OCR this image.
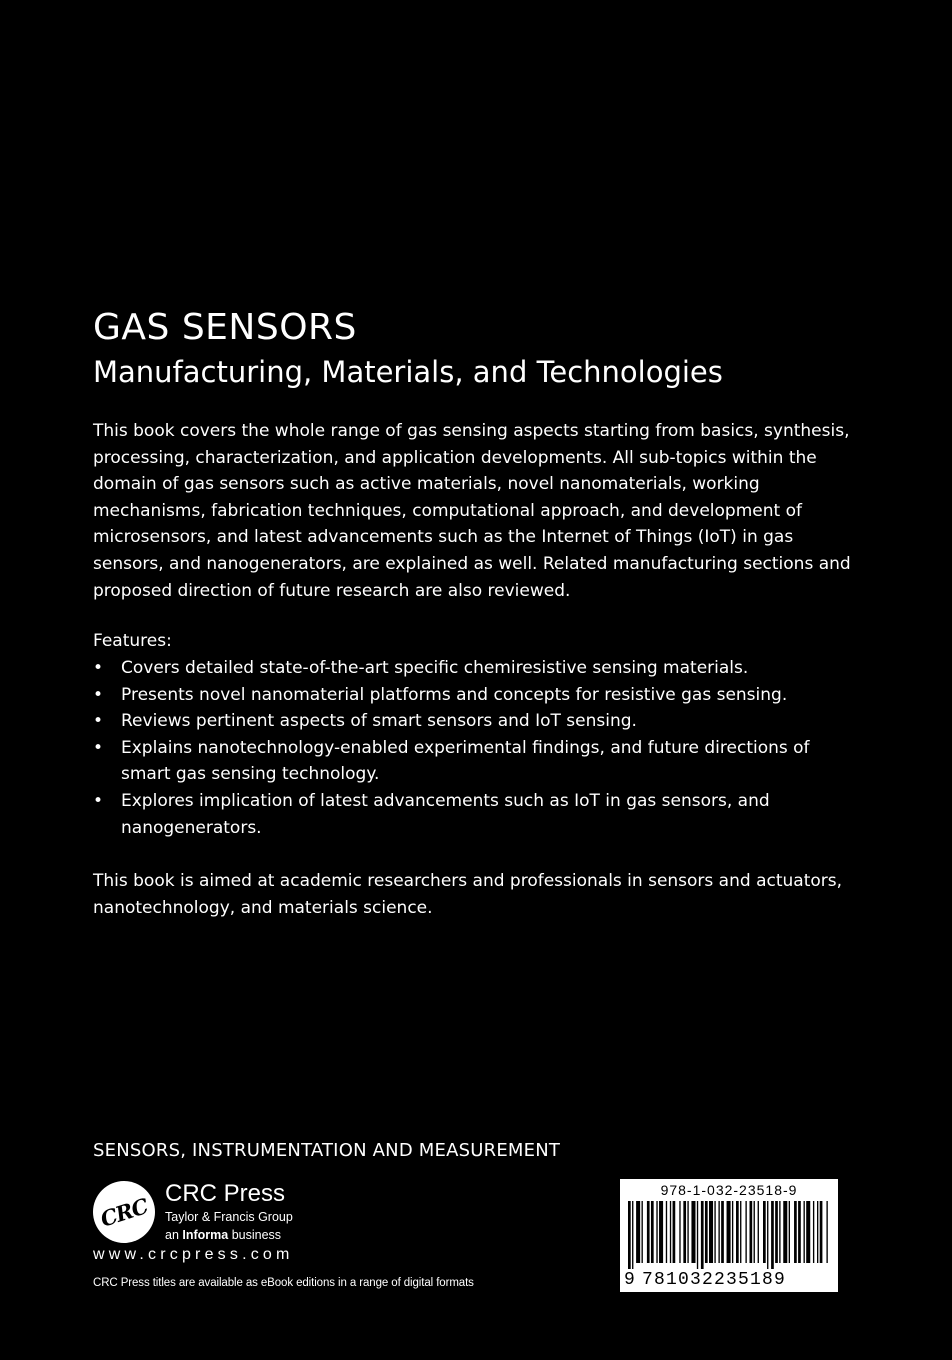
GAS SENSORS
Manufacturing, Materials, and Technologies

This book covers the whole range of gas sensing aspects starting from basics, synthesis, processing, characterization, and application developments. All sub-topics within the domain of gas sensors such as active materials, novel nanomaterials, working mechanisms, fabrication techniques, computational approach, and development of microsensors, and latest advancements such as the Internet of Things (IoT) in gas sensors, and nanogenerators, are explained as well. Related manufacturing sections and proposed direction of future research are also reviewed.

Features:
• Covers detailed state-of-the-art specific chemiresistive sensing materials.
• Presents novel nanomaterial platforms and concepts for resistive gas sensing.
• Reviews pertinent aspects of smart sensors and IoT sensing.
• Explains nanotechnology-enabled experimental findings, and future directions of smart gas sensing technology.
• Explores implication of latest advancements such as IoT in gas sensors, and nanogenerators.

This book is aimed at academic researchers and professionals in sensors and actuators, nanotechnology, and materials science.

SENSORS, INSTRUMENTATION AND MEASUREMENT
CRC CRC Press
Taylor & Francis Group
an Informa business
www.crcpress.com
CRC Press titles are available as eBook editions in a range of digital formats
978-1-032-23518-9
9 781032235189
